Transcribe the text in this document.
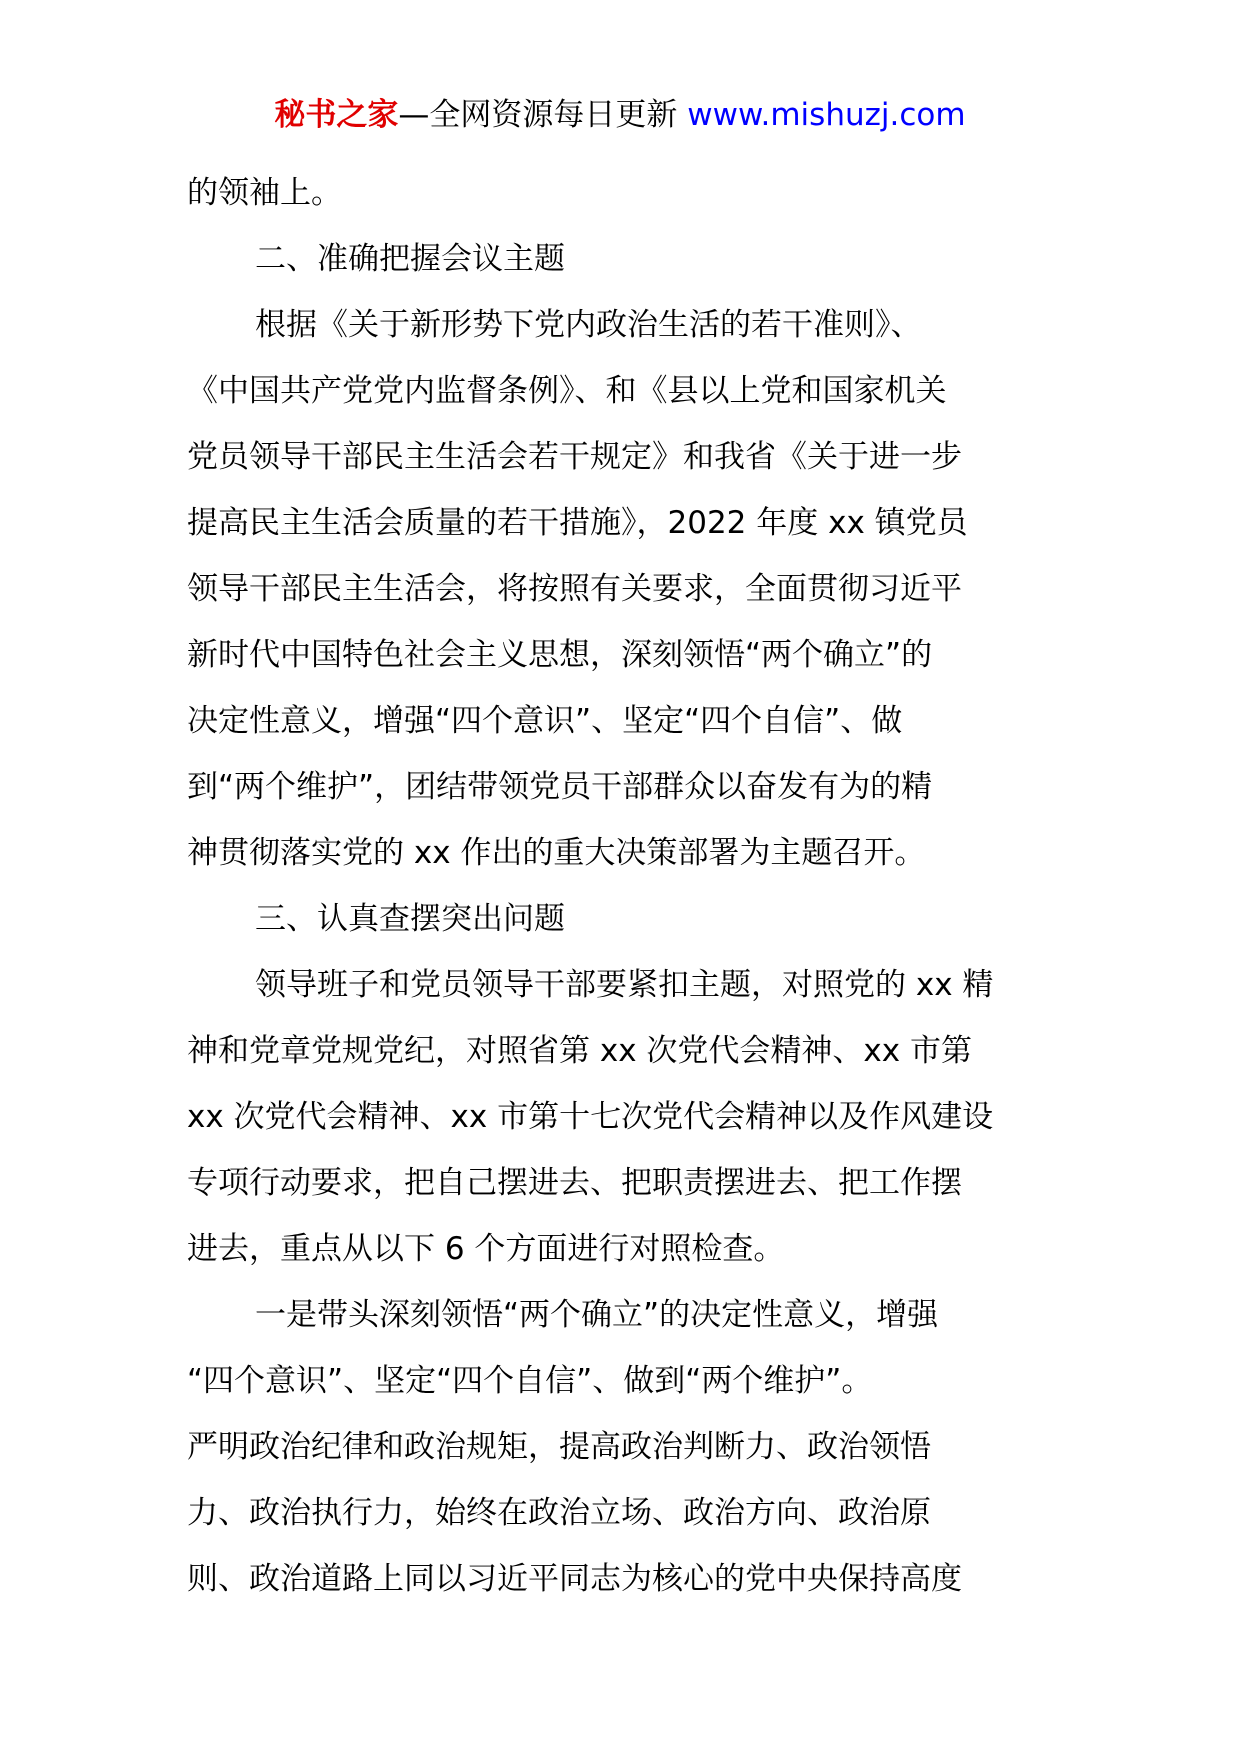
秘书之家—全网资源每日更新 www.mishuzj.com
的领袖上。
二、准确把握会议主题
根据《关于新形势下党内政治生活的若干准则》、
《中国共产党党内监督条例》、和《县以上党和国家机关
党员领导干部民主生活会若干规定》和我省《关于进一步
提高民主生活会质量的若干措施》，2022 年度 xx 镇党员
领导干部民主生活会，将按照有关要求，全面贯彻习近平
新时代中国特色社会主义思想，深刻领悟“两个确立”的
决定性意义，增强“四个意识”、坚定“四个自信”、做
到“两个维护”，团结带领党员干部群众以奋发有为的精
神贯彻落实党的 xx 作出的重大决策部署为主题召开。
三、认真查摆突出问题
领导班子和党员领导干部要紧扣主题，对照党的 xx 精
神和党章党规党纪，对照省第 xx 次党代会精神、xx 市第
xx 次党代会精神、xx 市第十七次党代会精神以及作风建设
专项行动要求，把自己摆进去、把职责摆进去、把工作摆
进去，重点从以下 6 个方面进行对照检查。
一是带头深刻领悟“两个确立”的决定性意义，增强
“四个意识”、坚定“四个自信”、做到“两个维护”。
严明政治纪律和政治规矩，提高政治判断力、政治领悟
力、政治执行力，始终在政治立场、政治方向、政治原
则、政治道路上同以习近平同志为核心的党中央保持高度
